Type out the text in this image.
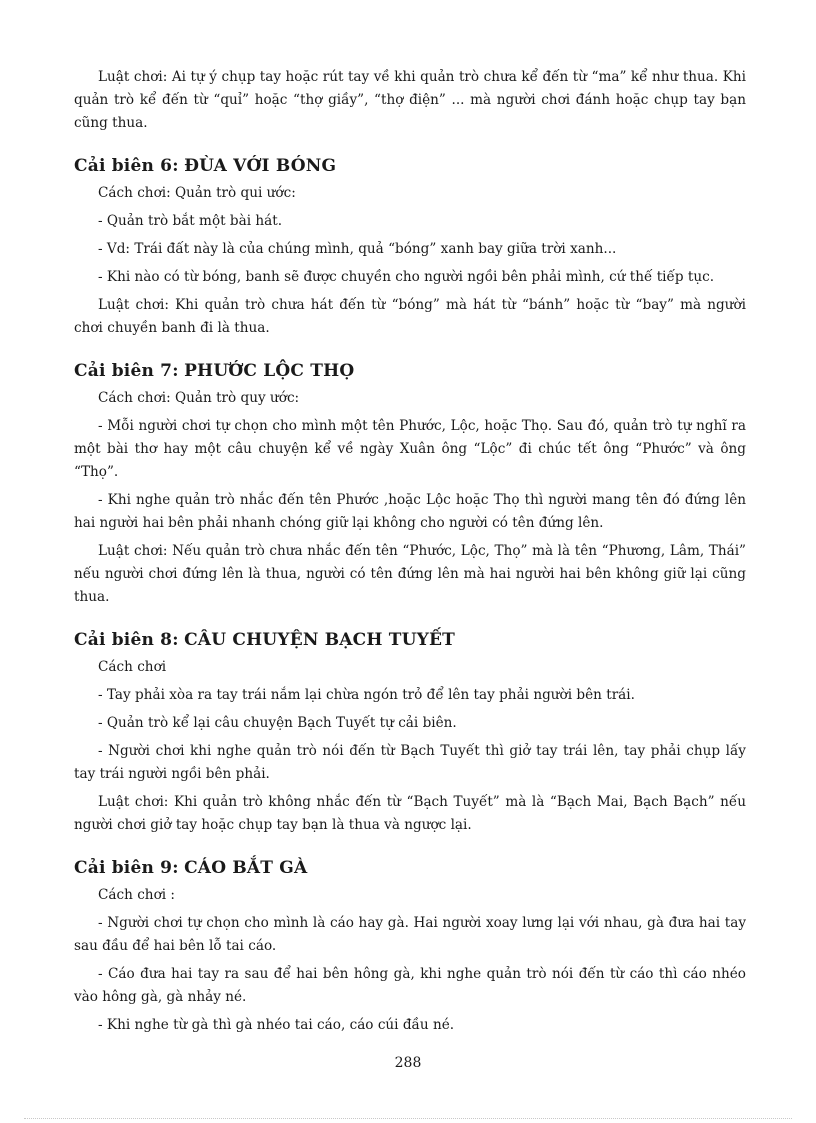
Luật chơi: Ai tự ý chụp tay hoặc rút tay về khi quản trò chưa kể đến từ “ma” kể như thua. Khi quản trò kể đến từ “quỉ” hoặc “thợ giầy”, “thợ điện” ... mà người chơi đánh hoặc chụp tay bạn cũng thua.

Cải biên 6: ĐÙA VỚI BÓNG

Cách chơi: Quản trò qui ước:

- Quản trò bắt một bài hát.

- Vd: Trái đất này là của chúng mình, quả “bóng” xanh bay giữa trời xanh...

- Khi nào có từ bóng, banh sẽ được chuyền cho người ngồi bên phải mình, cứ thế tiếp tục.

Luật chơi: Khi quản trò chưa hát đến từ “bóng” mà hát từ “bánh” hoặc từ “bay” mà người chơi chuyền banh đi là thua.

Cải biên 7: PHƯỚC LỘC THỌ

Cách chơi: Quản trò quy ước:

- Mỗi người chơi tự chọn cho mình một tên Phước, Lộc, hoặc Thọ. Sau đó, quản trò tự nghĩ ra một bài thơ hay một câu chuyện kể về ngày Xuân ông “Lộc” đi chúc tết ông “Phước” và ông “Thọ”.

- Khi nghe quản trò nhắc đến tên Phước ,hoặc Lộc hoặc Thọ thì người mang tên đó đứng lên hai người hai bên phải nhanh chóng giữ lại không cho người có tên đứng lên.

Luật chơi: Nếu quản trò chưa nhắc đến tên “Phước, Lộc, Thọ” mà là tên “Phương, Lâm, Thái” nếu người chơi đứng lên là thua, người có tên đứng lên mà hai người hai bên không giữ lại cũng thua.

Cải biên 8: CÂU CHUYỆN BẠCH TUYẾT

Cách chơi

- Tay phải xòa ra tay trái nắm lại chừa ngón trỏ để lên tay phải người bên trái.

- Quản trò kể lại câu chuyện Bạch Tuyết tự cải biên.

- Người chơi khi nghe quản trò nói đến từ Bạch Tuyết thì giở tay trái lên, tay phải chụp lấy tay trái người ngồi bên phải.

Luật chơi: Khi quản trò không nhắc đến từ “Bạch Tuyết” mà là “Bạch Mai, Bạch Bạch” nếu người chơi giở tay hoặc chụp tay bạn là thua và ngược lại.

Cải biên 9: CÁO BẮT GÀ

Cách chơi :

- Người chơi tự chọn cho mình là cáo hay gà. Hai người xoay lưng lại với nhau, gà đưa hai tay sau đầu để hai bên lỗ tai cáo.

- Cáo đưa hai tay ra sau để hai bên hông gà, khi nghe quản trò nói đến từ cáo thì cáo nhéo vào hông gà, gà nhảy né.

- Khi nghe từ gà thì gà nhéo tai cáo, cáo cúi đầu né.

288
